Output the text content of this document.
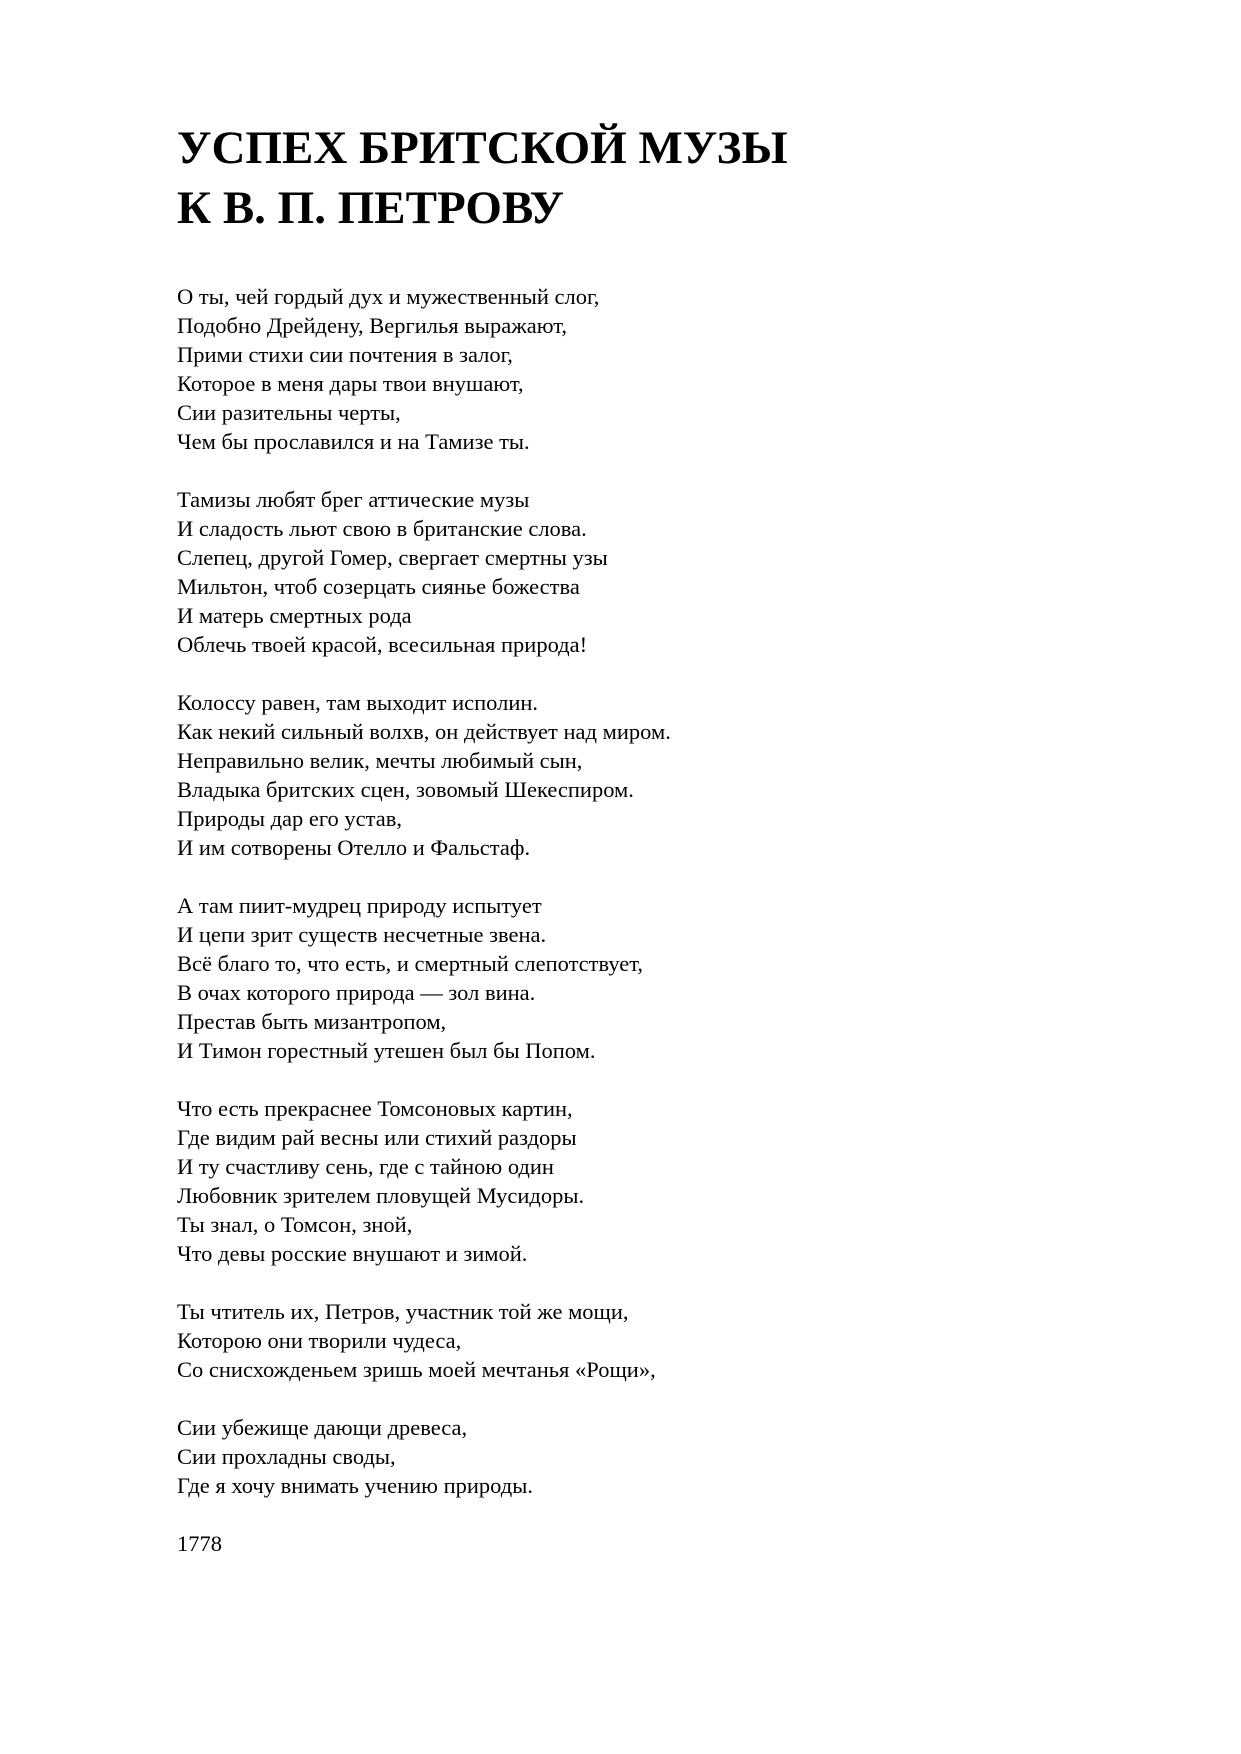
УСПЕХ БРИТСКОЙ МУЗЫ
К В. П. ПЕТРОВУ
О ты, чей гордый дух и мужественный слог,
Подобно Дрейдену, Вергилья выражают,
Прими стихи сии почтения в залог,
Которое в меня дары твои внушают,
Сии разительны черты,
Чем бы прославился и на Тамизе ты.
Тамизы любят брег аттические музы
И сладость льют свою в британские слова.
Слепец, другой Гомер, свергает смертны узы
Мильтон, чтоб созерцать сиянье божества
И матерь смертных рода
Облечь твоей красой, всесильная природа!
Колоссу равен, там выходит исполин.
Как некий сильный волхв, он действует над миром.
Неправильно велик, мечты любимый сын,
Владыка бритских сцен, зовомый Шекеспиром.
Природы дар его устав,
И им сотворены Отелло и Фальстаф.
А там пиит-мудрец природу испытует
И цепи зрит существ несчетные звена.
Всё благо то, что есть, и смертный слепотствует,
В очах которого природа — зол вина.
Престав быть мизантропом,
И Тимон горестный утешен был бы Попом.
Что есть прекраснее Томсоновых картин,
Где видим рай весны или стихий раздоры
И ту счастливу сень, где с тайною один
Любовник зрителем пловущей Мусидоры.
Ты знал, о Томсон, зной,
Что девы росские внушают и зимой.
Ты чтитель их, Петров, участник той же мощи,
Которою они творили чудеса,
Со снисхожденьем зришь моей мечтанья «Рощи»,
Сии убежище дающи древеса,
Сии прохладны своды,
Где я хочу внимать учению природы.
1778
